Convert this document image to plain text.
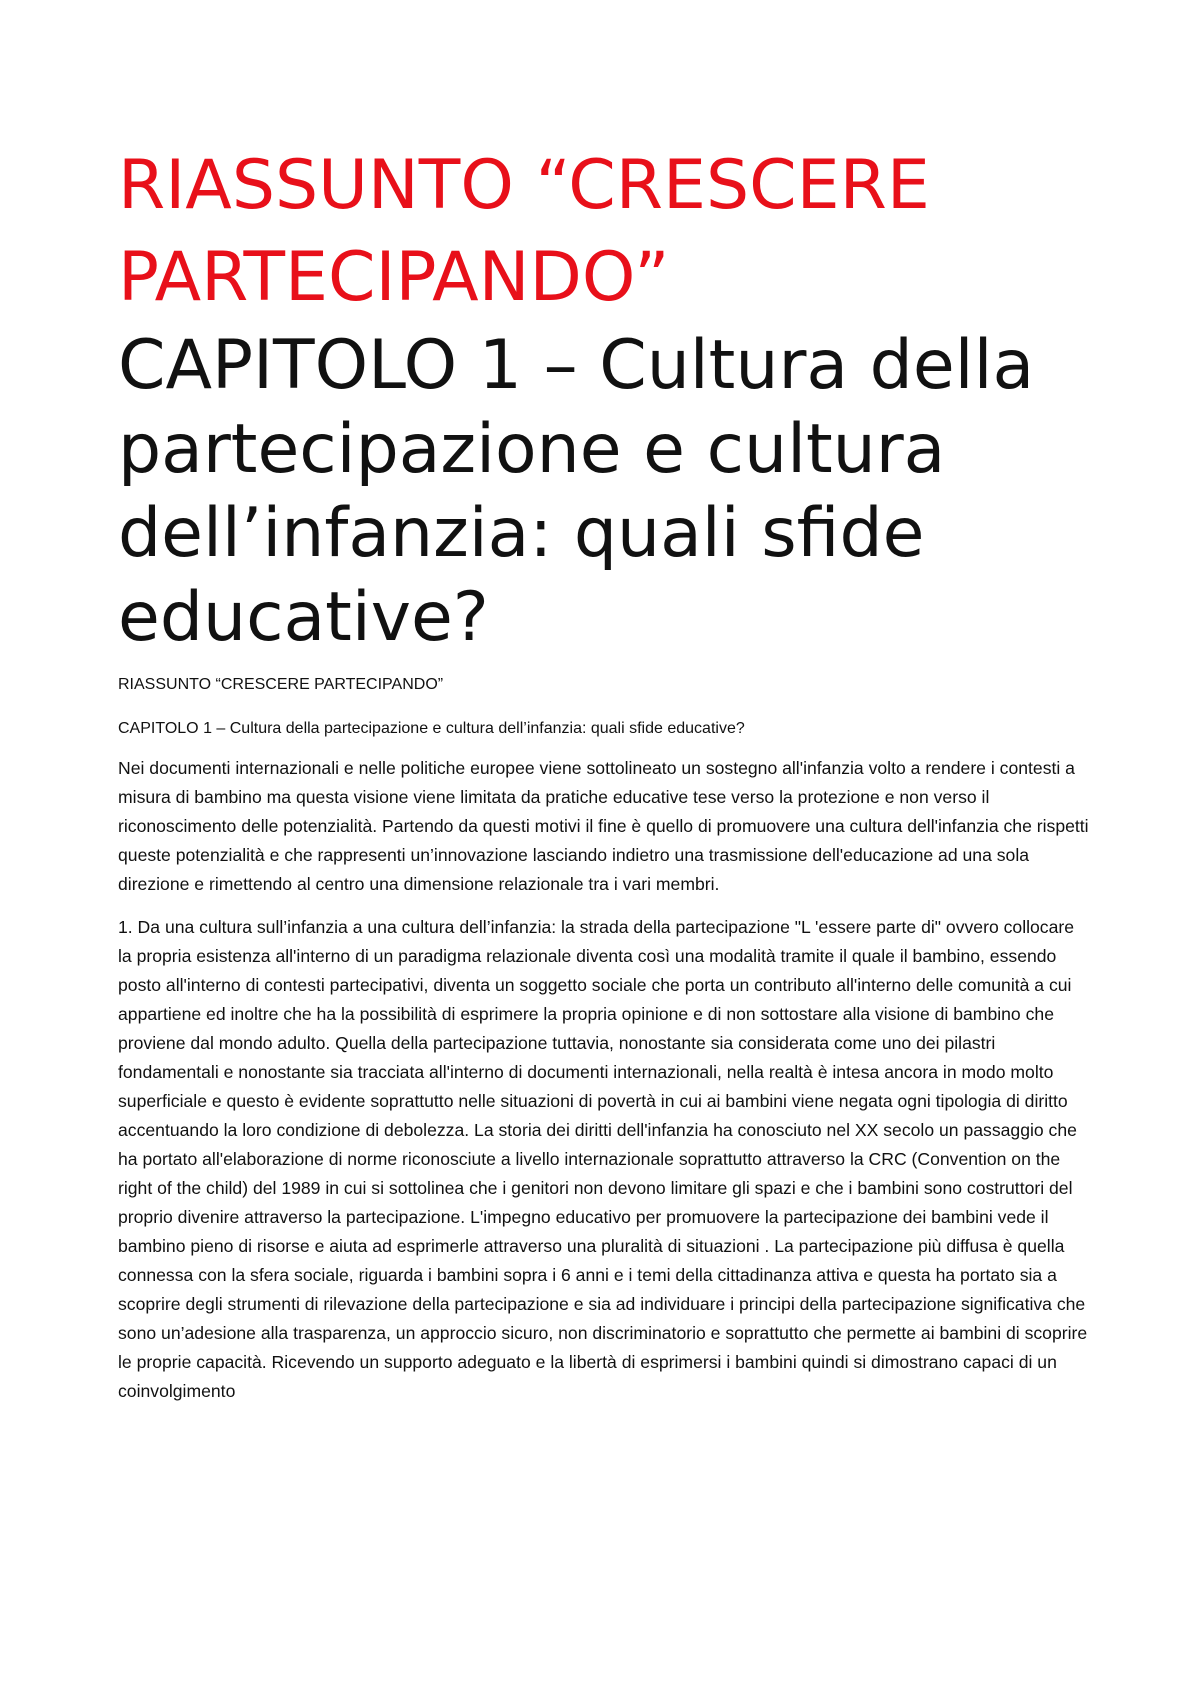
RIASSUNTO “CRESCERE PARTECIPANDO”
CAPITOLO 1 – Cultura della partecipazione e cultura dell’infanzia: quali sfide educative?
RIASSUNTO “CRESCERE PARTECIPANDO”
CAPITOLO 1 – Cultura della partecipazione e cultura dell’infanzia: quali sfide educative?

Nei documenti internazionali e nelle politiche europee viene sottolineato un sostegno all'infanzia volto a rendere i contesti a misura di bambino ma questa visione viene limitata da pratiche educative tese verso la protezione e non verso il riconoscimento delle potenzialità. Partendo da questi motivi il fine è quello di promuovere una cultura dell'infanzia che rispetti queste potenzialità e che rappresenti un’innovazione lasciando indietro una trasmissione dell'educazione ad una sola direzione e rimettendo al centro una dimensione relazionale tra i vari membri.

1. Da una cultura sull’infanzia a una cultura dell’infanzia: la strada della partecipazione "L 'essere parte di" ovvero collocare la propria esistenza all'interno di un paradigma relazionale diventa così una modalità tramite il quale il bambino, essendo posto all'interno di contesti partecipativi, diventa un soggetto sociale che porta un contributo all'interno delle comunità a cui appartiene ed inoltre che ha la possibilità di esprimere la propria opinione e di non sottostare alla visione di bambino che proviene dal mondo adulto. Quella della partecipazione tuttavia, nonostante sia considerata come uno dei pilastri fondamentali e nonostante sia tracciata all'interno di documenti internazionali, nella realtà è intesa ancora in modo molto superficiale e questo è evidente soprattutto nelle situazioni di povertà in cui ai bambini viene negata ogni tipologia di diritto accentuando la loro condizione di debolezza. La storia dei diritti dell'infanzia ha conosciuto nel XX secolo un passaggio che ha portato all'elaborazione di norme riconosciute a livello internazionale soprattutto attraverso la CRC (Convention on the right of the child) del 1989 in cui si sottolinea che i genitori non devono limitare gli spazi e che i bambini sono costruttori del proprio divenire attraverso la partecipazione. L'impegno educativo per promuovere la partecipazione dei bambini vede il bambino pieno di risorse e aiuta ad esprimerle attraverso una pluralità di situazioni . La partecipazione più diffusa è quella connessa con la sfera sociale, riguarda i bambini sopra i 6 anni e i temi della cittadinanza attiva e questa ha portato sia a scoprire degli strumenti di rilevazione della partecipazione e sia ad individuare i principi della partecipazione significativa che sono un’adesione alla trasparenza, un approccio sicuro, non discriminatorio e soprattutto che permette ai bambini di scoprire le proprie capacità. Ricevendo un supporto adeguato e la libertà di esprimersi i bambini quindi si dimostrano capaci di un coinvolgimento
